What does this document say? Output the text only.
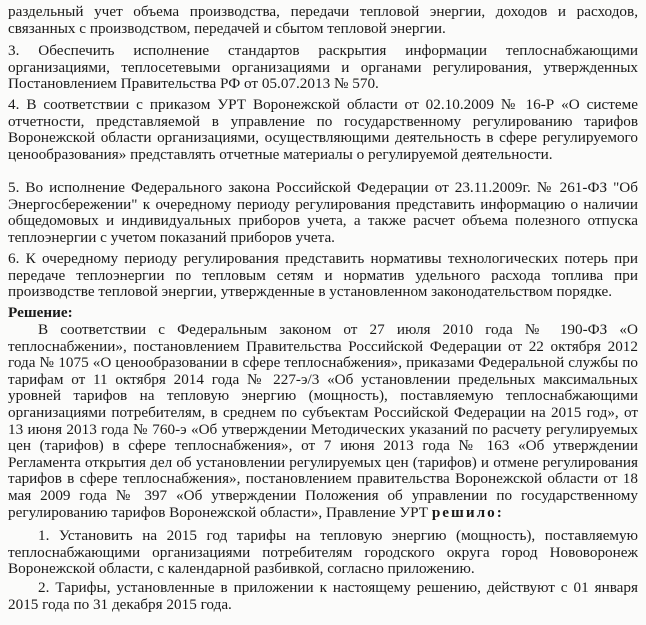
раздельный учет объема производства, передачи тепловой энергии, доходов и расходов, связанных с производством, передачей и сбытом тепловой энергии.

3. Обеспечить исполнение стандартов раскрытия информации теплоснабжающими организациями, теплосетевыми организациями и органами регулирования, утвержденных Постановлением Правительства РФ от 05.07.2013 № 570.

4. В соответствии с приказом УРТ Воронежской области от 02.10.2009 № 16-Р «О системе отчетности, представляемой в управление по государственному регулированию тарифов Воронежской области организациями, осуществляющими деятельность в сфере регулируемого ценообразования» представлять отчетные материалы о регулируемой деятельности.

5. Во исполнение Федерального закона Российской Федерации от 23.11.2009г. № 261-ФЗ "Об Энергосбережении" к очередному периоду регулирования представить информацию о наличии общедомовых и индивидуальных приборов учета, а также расчет объема полезного отпуска теплоэнергии с учетом показаний приборов учета.

6. К очередному периоду регулирования представить нормативы технологических потерь при передаче теплоэнергии по тепловым сетям и норматив удельного расхода топлива при производстве тепловой энергии, утвержденные в установленном законодательством порядке.

Решение:

В соответствии с Федеральным законом от 27 июля 2010 года № 190-ФЗ «О теплоснабжении», постановлением Правительства Российской Федерации от 22 октября 2012 года № 1075 «О ценообразовании в сфере теплоснабжения», приказами Федеральной службы по тарифам от 11 октября 2014 года № 227-э/3 «Об установлении предельных максимальных уровней тарифов на тепловую энергию (мощность), поставляемую теплоснабжающими организациями потребителям, в среднем по субъектам Российской Федерации на 2015 год», от 13 июня 2013 года № 760-э «Об утверждении Методических указаний по расчету регулируемых цен (тарифов) в сфере теплоснабжения», от 7 июня 2013 года № 163 «Об утверждении Регламента открытия дел об установлении регулируемых цен (тарифов) и отмене регулирования тарифов в сфере теплоснабжения», постановлением правительства Воронежской области от 18 мая 2009 года № 397 «Об утверждении Положения об управлении по государственному регулированию тарифов Воронежской области», Правление УРТ решило:

1. Установить на 2015 год тарифы на тепловую энергию (мощность), поставляемую теплоснабжающими организациями потребителям городского округа город Нововоронеж Воронежской области, с календарной разбивкой, согласно приложению.

2. Тарифы, установленные в приложении к настоящему решению, действуют с 01 января 2015 года по 31 декабря 2015 года.
